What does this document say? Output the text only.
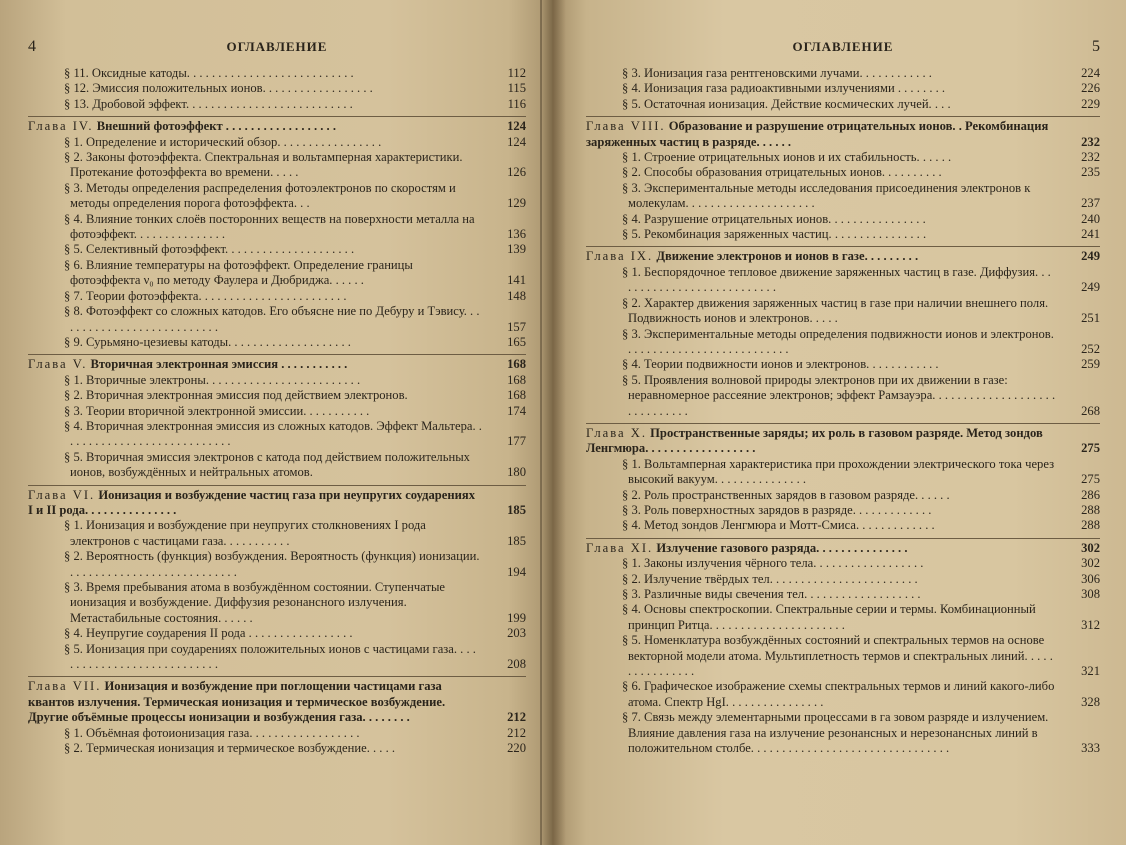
4	ОГЛАВЛЕНИЕ
§ 11. Оксидные катоды. . . . . . . . . . . . . . . . . . . . . . . . . . .	112
§ 12. Эмиссия положительных ионов. . . . . . . . . . . . . . . . . .	115
§ 13. Дробовой эффект. . . . . . . . . . . . . . . . . . . . . . . . . . .	116
Глава IV. Внешний фотоэффект . . . . . . . . . . . . . . . . . .	124
§ 1. Определение и исторический обзор. . . . . . . . . . . . . . . . .	124
§ 2. Законы фотоэффекта. Спектральная и вольтамперная характеристики. Протекание фотоэффекта во времени. . . . .	126
§ 3. Методы определения распределения фотоэлектронов по скоростям и методы определения порога фотоэффекта. . .	129
§ 4. Влияние тонких слоёв посторонних веществ на поверхности металла на фотоэффект. . . . . . . . . . . . . . .	136
§ 5. Селективный фотоэффект. . . . . . . . . . . . . . . . . . . . .	139
§ 6. Влияние температуры на фотоэффект. Определение границы фотоэффекта ν₀ по методу Фаулера и Дюбриджа. . . . . .	141
§ 7. Теории фотоэффекта. . . . . . . . . . . . . . . . . . . . . . . .	148
§ 8. Фотоэффект со сложных катодов. Его объясне ние по Дебуру и Тэвису. . . . . . . . . . . . . . . . . . . . . . . . . . .	157
§ 9. Сурьмяно-цезиевы катоды. . . . . . . . . . . . . . . . . . . .	165
Глава V. Вторичная электронная эмиссия . . . . . . . . . . .	168
§ 1. Вторичные электроны. . . . . . . . . . . . . . . . . . . . . . . . .	168
§ 2. Вторичная электронная эмиссия под действием электронов.	168
§ 3. Теории вторичной электронной эмиссии. . . . . . . . . . .	174
§ 4. Вторичная электронная эмиссия из сложных катодов. Эффект Мальтера. . . . . . . . . . . . . . . . . . . . . . . . . . . .	177
§ 5. Вторичная эмиссия электронов с катода под действием положительных ионов, возбуждённых и нейтральных атомов.	180
Глава VI. Ионизация и возбуждение частиц газа при неупругих соударениях I и II рода. . . . . . . . . . . . . . .	185
§ 1. Ионизация и возбуждение при неупругих столкновениях I рода электронов с частицами газа. . . . . . . . . . .	185
§ 2. Вероятность (функция) возбуждения. Вероятность (функция) ионизации. . . . . . . . . . . . . . . . . . . . . . . . . . . .	194
§ 3. Время пребывания атома в возбуждённом состоянии. Ступенчатые ионизация и возбуждение. Диффузия резонансного излучения. Метастабильные состояния. . . . . .	199
§ 4. Неупругие соударения II рода . . . . . . . . . . . . . . . . .	203
§ 5. Ионизация при соударениях положительных ионов с частицами газа. . . . . . . . . . . . . . . . . . . . . . . . . . . .	208
Глава VII. Ионизация и возбуждение при поглощении частицами газа квантов излучения. Термическая ионизация и термическое возбуждение. Другие объёмные процессы ионизации и возбуждения газа. . . . . . . .	212
§ 1. Объёмная фотоионизация газа. . . . . . . . . . . . . . . . . .	212
§ 2. Термическая ионизация и термическое возбуждение. . . . .	220
ОГЛАВЛЕНИЕ	5
§ 3. Ионизация газа рентгеновскими лучами. . . . . . . . . . . .	224
§ 4. Ионизация газа радиоактивными излучениями . . . . . . . .	226
§ 5. Остаточная ионизация. Действие космических лучей. . . .	229
Глава VIII. Образование и разрушение отрицательных ионов. . Рекомбинация заряженных частиц в разряде. . . . . .	232
§ 1. Строение отрицательных ионов и их стабильность. . . . . .	232
§ 2. Способы образования отрицательных ионов. . . . . . . . . .	235
§ 3. Экспериментальные методы исследования присоединения электронов к молекулам. . . . . . . . . . . . . . . . . . . . .	237
§ 4. Разрушение отрицательных ионов. . . . . . . . . . . . . . . .	240
§ 5. Рекомбинация заряженных частиц. . . . . . . . . . . . . . . .	241
Глава IX. Движение электронов и ионов в газе. . . . . . . . .	249
§ 1. Беспорядочное тепловое движение заряженных частиц в газе. Диффузия. . . . . . . . . . . . . . . . . . . . . . . . . . .	249
§ 2. Характер движения заряженных частиц в газе при наличии внешнего поля. Подвижность ионов и электронов. . . . .	251
§ 3. Экспериментальные методы определения подвижности ионов и электронов. . . . . . . . . . . . . . . . . . . . . . . . . . .	252
§ 4. Теории подвижности ионов и электронов. . . . . . . . . . . .	259
§ 5. Проявления волновой природы электронов при их движении в газе: неравномерное рассеяние электронов; эффект Рамзауэра. . . . . . . . . . . . . . . . . . . . . . . . . . . . . .	268
Глава X. Пространственные заряды; их роль в газовом разряде. Метод зондов Ленгмюра. . . . . . . . . . . . . . . . . .	275
§ 1. Вольтамперная характеристика при прохождении электрического тока через высокий вакуум. . . . . . . . . . . . . . .	275
§ 2. Роль пространственных зарядов в газовом разряде. . . . . .	286
§ 3. Роль поверхностных зарядов в разряде. . . . . . . . . . . . .	288
§ 4. Метод зондов Ленгмюра и Мотт-Смиса. . . . . . . . . . . . .	288
Глава XI. Излучение газового разряда. . . . . . . . . . . . . . .	302
§ 1. Законы излучения чёрного тела. . . . . . . . . . . . . . . . . .	302
§ 2. Излучение твёрдых тел. . . . . . . . . . . . . . . . . . . . . . . .	306
§ 3. Различные виды свечения тел. . . . . . . . . . . . . . . . . . .	308
§ 4. Основы спектроскопии. Спектральные серии и термы. Комбинационный принцип Ритца. . . . . . . . . . . . . . . . . . . . . .	312
§ 5. Номенклатура возбуждённых состояний и спектральных термов на основе векторной модели атома. Мультиплетность термов и спектральных линий. . . . . . . . . . . . . . . .	321
§ 6. Графическое изображение схемы спектральных термов и линий какого-либо атома. Спектр HgI. . . . . . . . . . . . . . . .	328
§ 7. Связь между элементарными процессами в га зовом разряде и излучением. Влияние давления газа на излучение резонансных и нерезонансных линий в положительном столбе. . . . . . . . . . . . . . . . . . . . . . . . . . . . . . . .	333
